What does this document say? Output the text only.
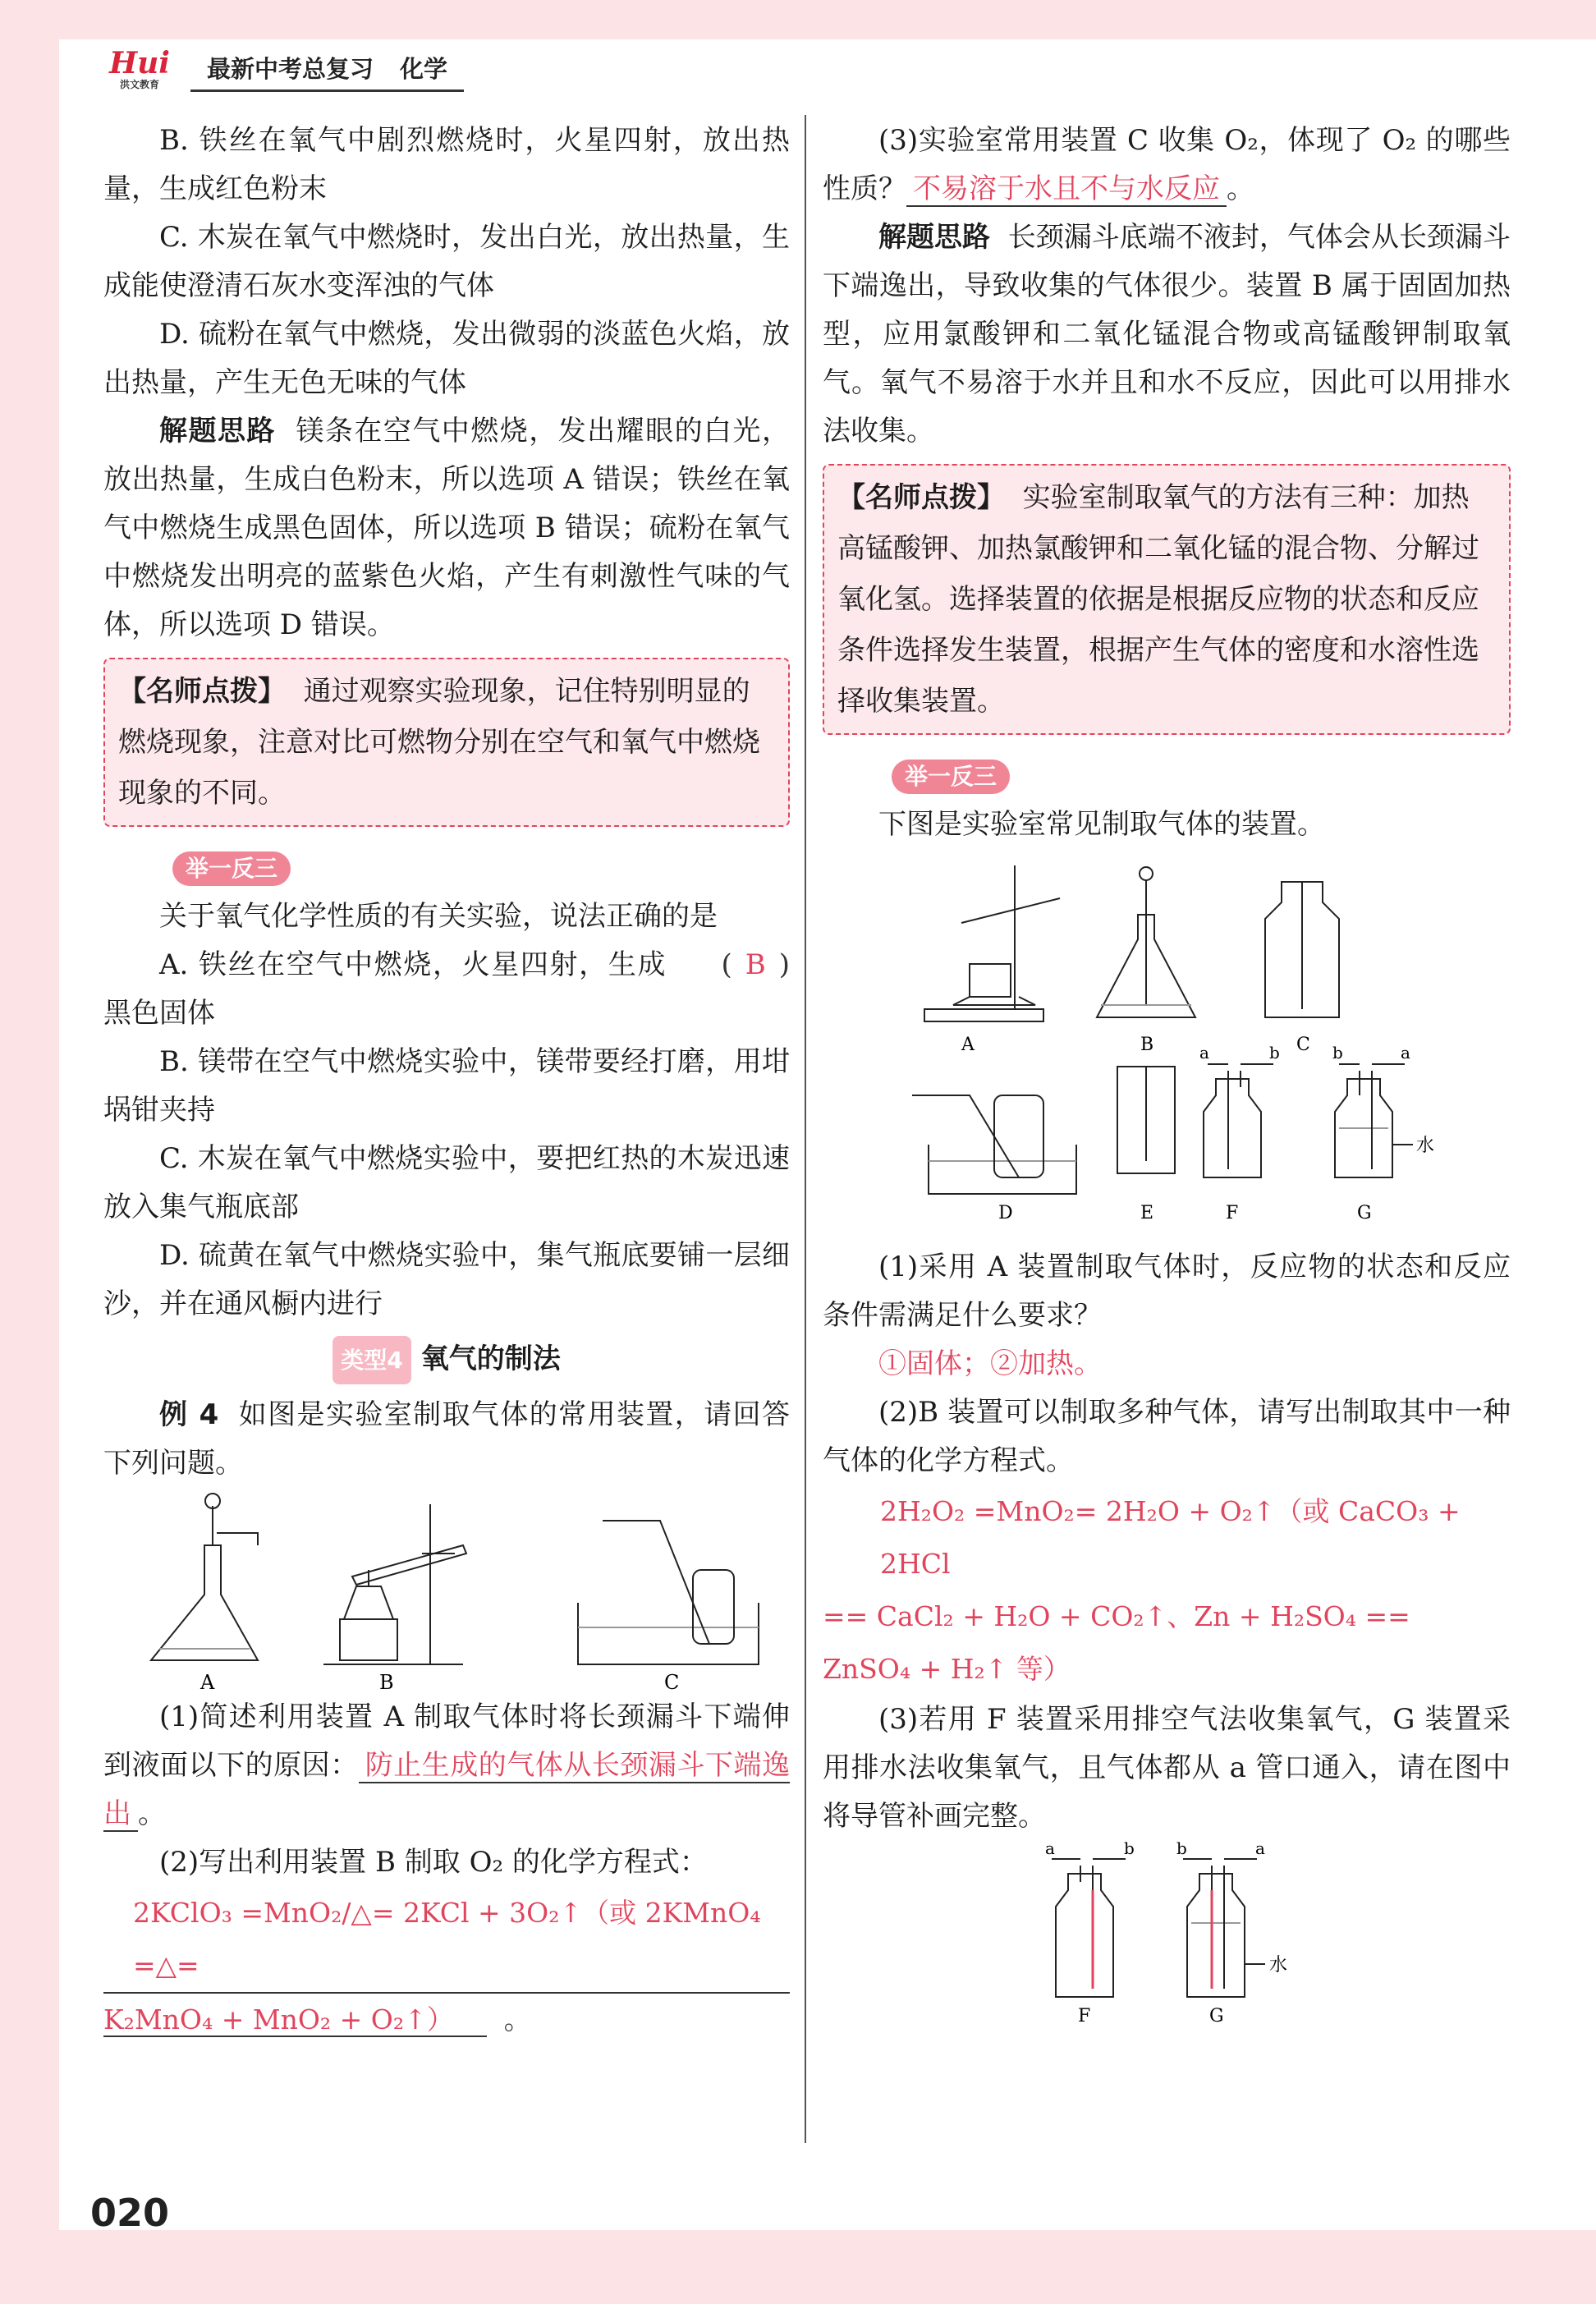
Hui
洪文教育
最新中考总复习 化学

B. 铁丝在氧气中剧烈燃烧时，火星四射，放出热量，生成红色粉末

C. 木炭在氧气中燃烧时，发出白光，放出热量，生成能使澄清石灰水变浑浊的气体

D. 硫粉在氧气中燃烧，发出微弱的淡蓝色火焰，放出热量，产生无色无味的气体

解题思路 镁条在空气中燃烧，发出耀眼的白光，放出热量，生成白色粉末，所以选项 A 错误；铁丝在氧气中燃烧生成黑色固体，所以选项 B 错误；硫粉在氧气中燃烧发出明亮的蓝紫色火焰，产生有刺激性气味的气体，所以选项 D 错误。

【名师点拨】 通过观察实验现象，记住特别明显的燃烧现象，注意对比可燃物分别在空气和氧气中燃烧现象的不同。
举一反三

关于氧气化学性质的有关实验，说法正确的是
( B )

A. 铁丝在空气中燃烧，火星四射，生成黑色固体

B. 镁带在空气中燃烧实验中，镁带要经打磨，用坩埚钳夹持

C. 木炭在氧气中燃烧实验中，要把红热的木炭迅速放入集气瓶底部

D. 硫黄在氧气中燃烧实验中，集气瓶底要铺一层细沙，并在通风橱内进行

类型4 氧气的制法

例 4 如图是实验室制取气体的常用装置，请回答下列问题。

A	B	C

(1)简述利用装置 A 制取气体时将长颈漏斗下端伸到液面以下的原因： 防止生成的气体从长颈漏斗下端逸出 。

(2)写出利用装置 B 制取 O₂ 的化学方程式：

2KClO₃ =MnO₂/△= 2KCl + 3O₂↑（或 2KMnO₄ =△=

K₂MnO₄ + MnO₂ + O₂↑） 。

(3)实验室常用装置 C 收集 O₂，体现了 O₂ 的哪些性质？ 不易溶于水且不与水反应 。

解题思路 长颈漏斗底端不液封，气体会从长颈漏斗下端逸出，导致收集的气体很少。装置 B 属于固固加热型，应用氯酸钾和二氧化锰混合物或高锰酸钾制取氧气。氧气不易溶于水并且和水不反应，因此可以用排水法收集。

【名师点拨】 实验室制取氧气的方法有三种：加热高锰酸钾、加热氯酸钾和二氧化锰的混合物、分解过氧化氢。选择装置的依据是根据反应物的状态和反应条件选择发生装置，根据产生气体的密度和水溶性选择收集装置。
举一反三

下图是实验室常见制取气体的装置。

A	B	C
D	E	F	G
a	b	b	a
水

(1)采用 A 装置制取气体时，反应物的状态和反应条件需满足什么要求？

①固体；②加热。

(2)B 装置可以制取多种气体，请写出制取其中一种气体的化学方程式。

2H₂O₂ =MnO₂= 2H₂O + O₂↑（或 CaCO₃ + 2HCl

== CaCl₂ + H₂O + CO₂↑、Zn + H₂SO₄ ==

ZnSO₄ + H₂↑ 等）

(3)若用 F 装置采用排空气法收集氧气，G 装置采用排水法收集氧气，且气体都从 a 管口通入，请在图中将导管补画完整。

a	b	b	a
水
F	G
020
